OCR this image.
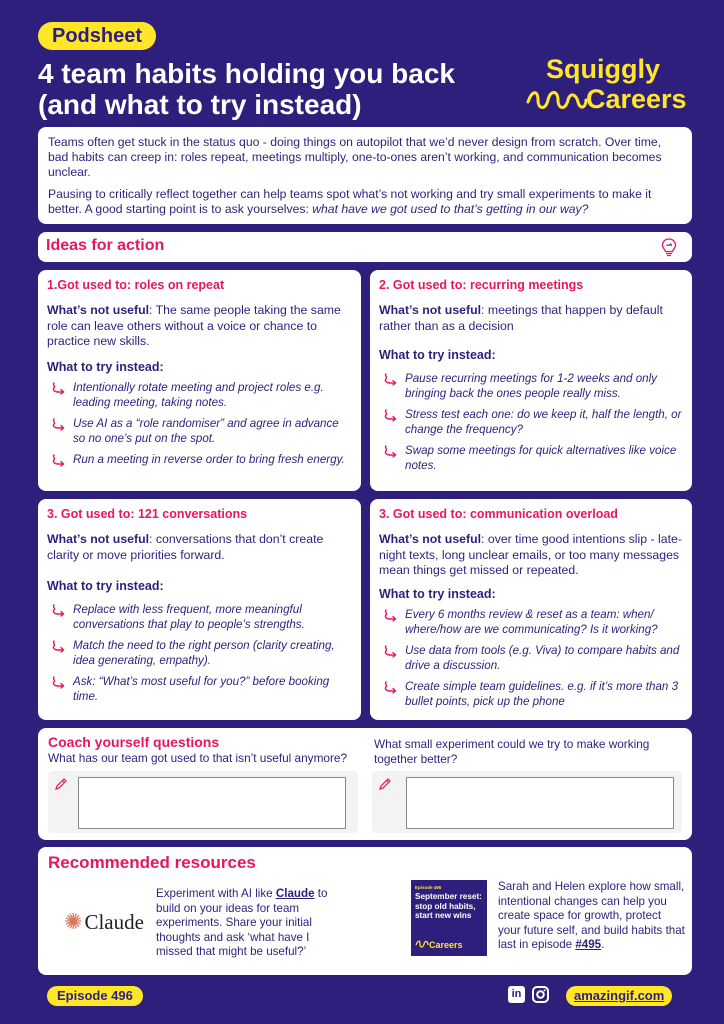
Podsheet
4 team habits holding you back
(and what to try instead)
Squiggly
Careers

Teams often get stuck in the status quo - doing things on autopilot that we’d never design from scratch. Over time, bad habits can creep in: roles repeat, meetings multiply, one-to-ones aren’t working, and communication becomes unclear.

Pausing to critically reflect together can help teams spot what’s not working and try small experiments to make it better. A good starting point is to ask yourselves: what have we got used to that’s getting in our way?

Ideas for action
1.Got used to: roles on repeat
What’s not useful: The same people taking the same role can leave others without a voice or chance to practice new skills.
What to try instead:
Intentionally rotate meeting and project roles e.g. leading meeting, taking notes.
Use AI as a “role randomiser” and agree in advance so no one’s put on the spot.
Run a meeting in reverse order to bring fresh energy.
2. Got used to: recurring meetings
What’s not useful: meetings that happen by default rather than as a decision
What to try instead:
Pause recurring meetings for 1-2 weeks and only bringing back the ones people really miss.
Stress test each one: do we keep it, half the length, or change the frequency?
Swap some meetings for quick alternatives like voice notes.
3. Got used to: 121 conversations
What’s not useful: conversations that don’t create clarity or move priorities forward.
What to try instead:
Replace with less frequent, more meaningful conversations that play to people’s strengths.
Match the need to the right person (clarity creating, idea generating, empathy).
Ask: “What’s most useful for you?” before booking time.
3. Got used to: communication overload
What’s not useful: over time good intentions slip - late-night texts, long unclear emails, or too many messages mean things get missed or repeated.
What to try instead:
Every 6 months review & reset as a team: when/ where/how are we communicating? Is it working?
Use data from tools (e.g. Viva) to compare habits and drive a discussion.
Create simple team guidelines. e.g. if it’s more than 3 bullet points, pick up the phone
Coach yourself questions
What has our team got used to that isn’t useful anymore?
What small experiment could we try to make working together better?
Recommended resources
✺Claude
Experiment with AI like Claude to build on your ideas for team experiments. Share your initial thoughts and ask ‘what have I missed that might be useful?’
Episode 495
September reset: stop old habits, start new wins
Careers
Sarah and Helen explore how small, intentional changes can help you create space for growth, protect your future self, and build habits that last in episode #495.
Episode 496	in	amazingif.com
